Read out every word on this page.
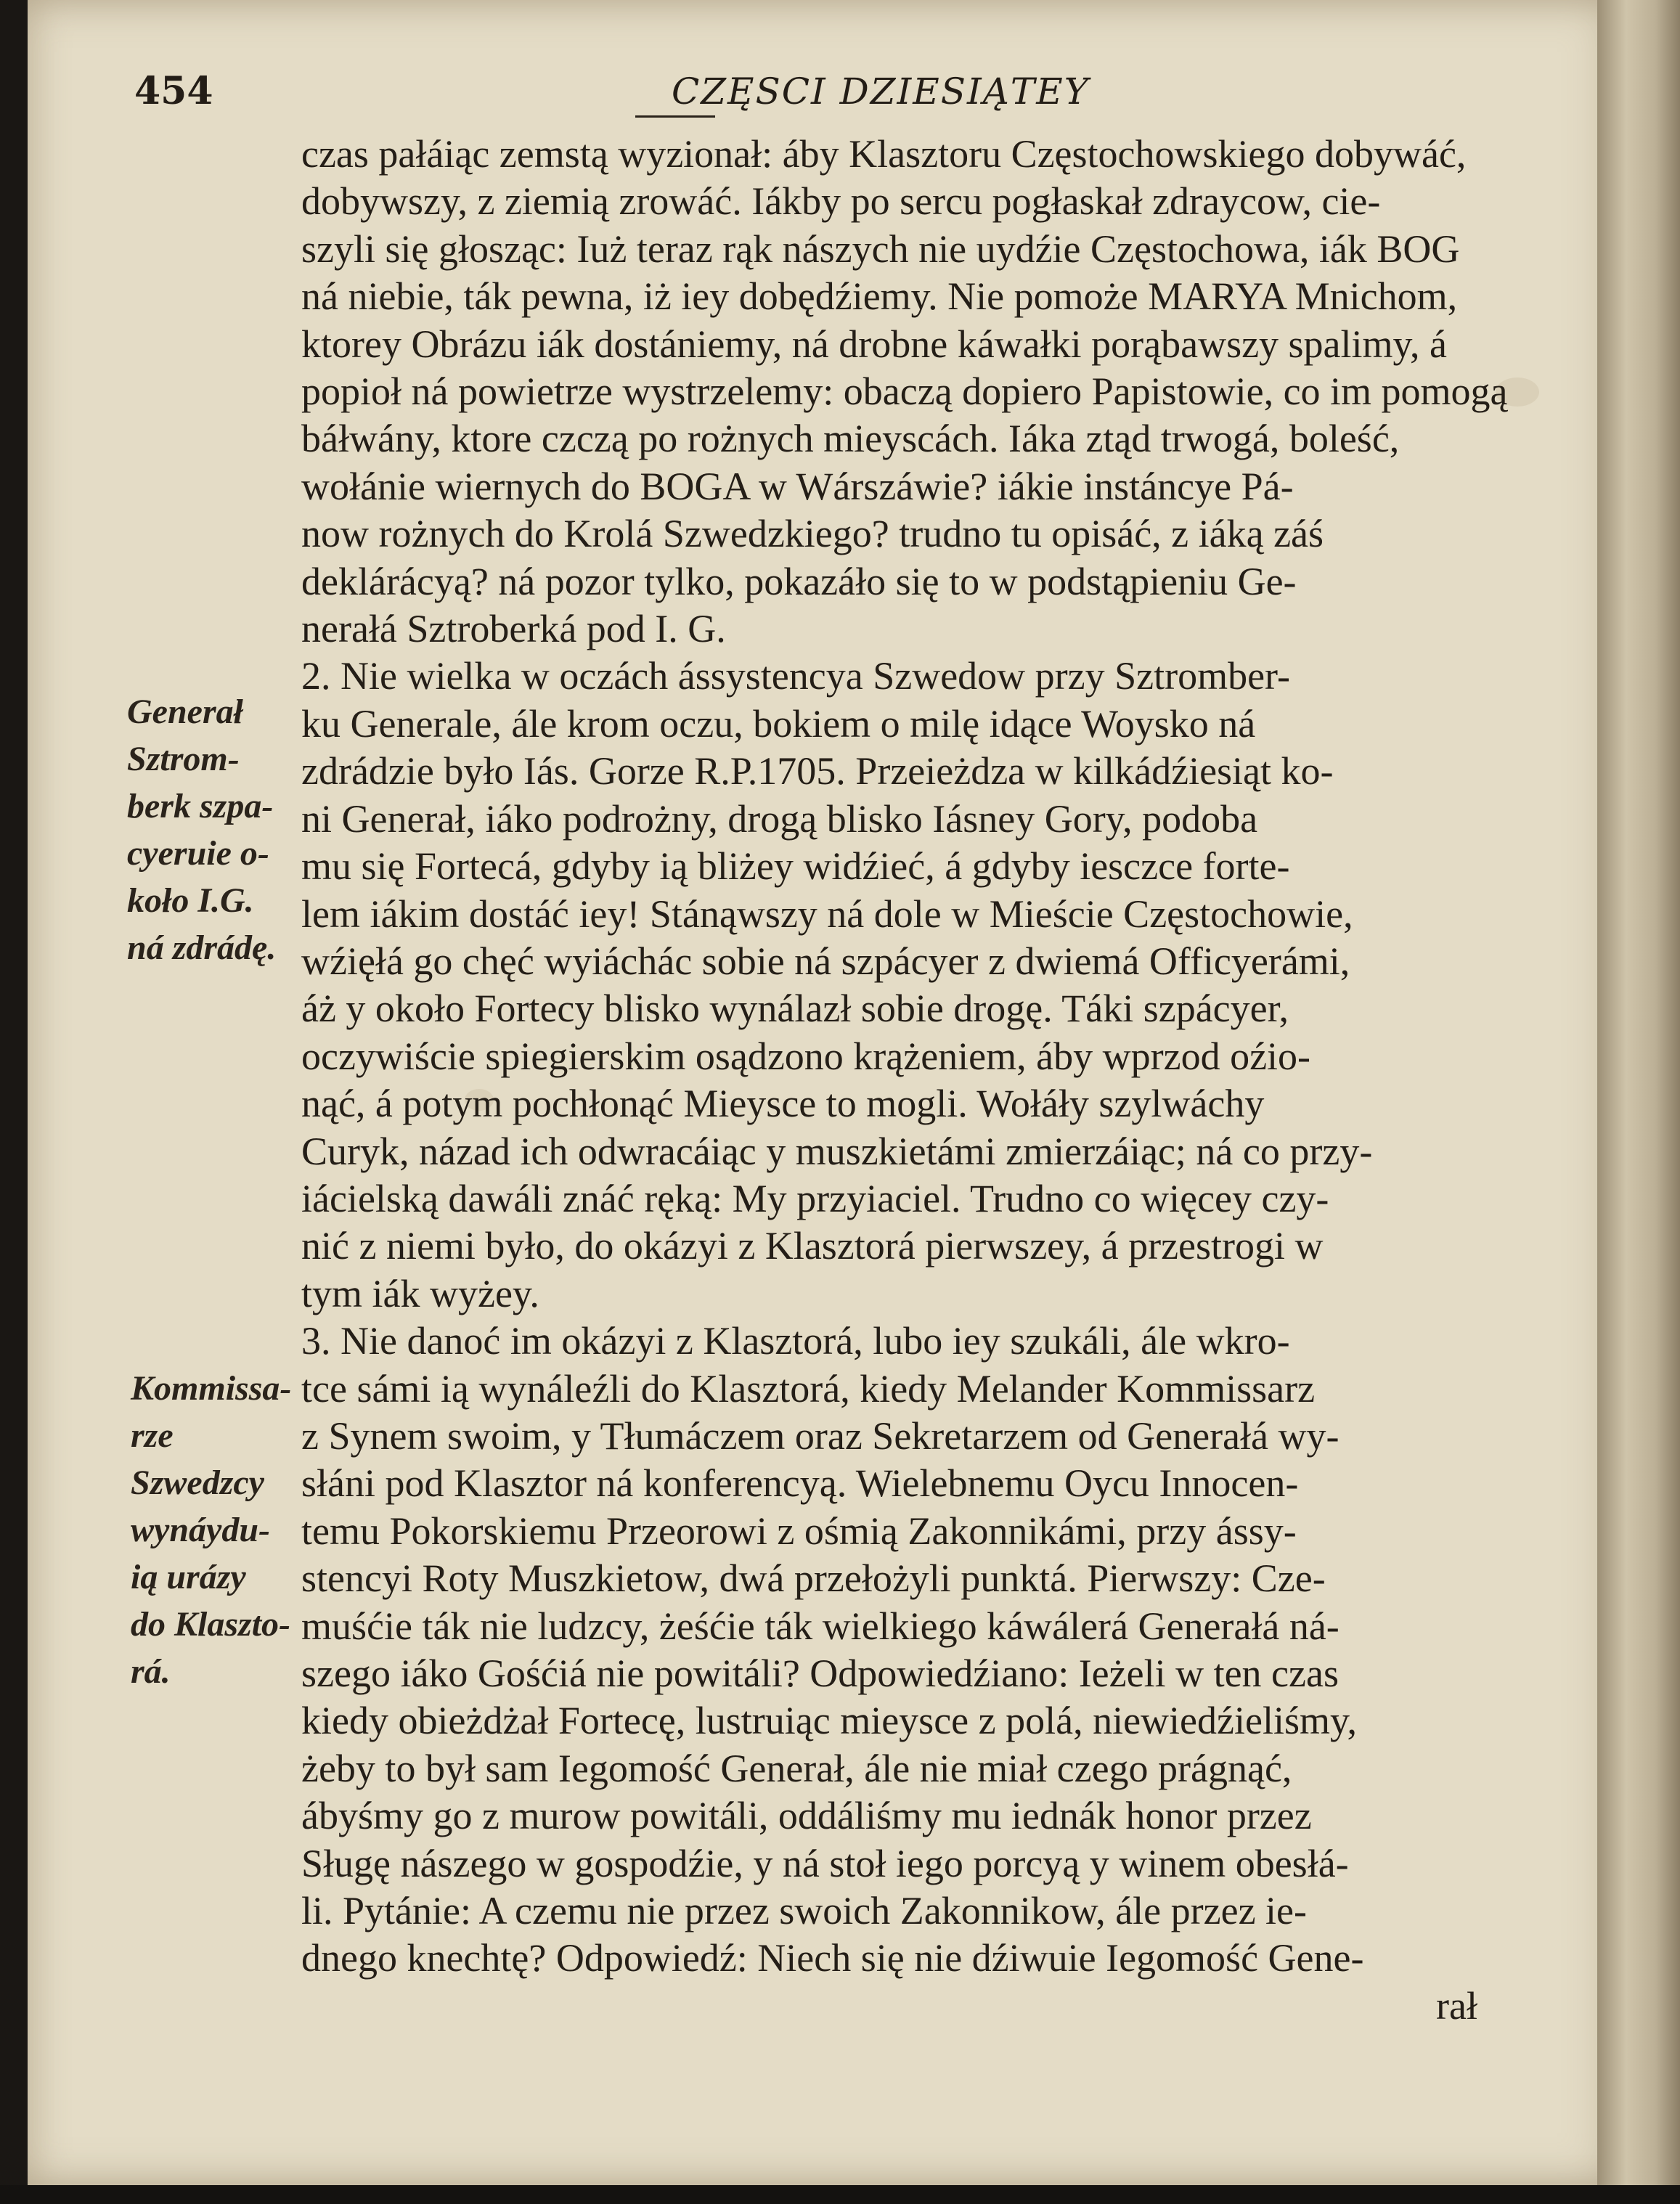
454	CZĘSCI DZIESIĄTEY
czas pałáiąc zemstą wyzionał: áby Klasztoru Częstochowskiego dobywáć,
dobywszy, z ziemią zrowáć. Iákby po sercu pogłaskał zdraycow, cie-
szyli się głosząc: Iuż teraz rąk nászych nie uydźie Częstochowa, iák BOG
ná niebie, ták pewna, iż iey dobędźiemy. Nie pomoże MARYA Mnichom,
ktorey Obrázu iák dostániemy, ná drobne káwałki porąbawszy spalimy, á
popioł ná powietrze wystrzelemy: obaczą dopiero Papistowie, co im pomogą
báłwány, ktore czczą po rożnych mieyscách. Iáka ztąd trwogá, boleść,
wołánie wiernych do BOGA w Wárszáwie? iákie instáncye Pá-
now rożnych do Krolá Szwedzkiego? trudno tu opisáć, z iáką záś
deklárácyą? ná pozor tylko, pokazáło się to w podstąpieniu Ge-
nerałá Sztroberká pod I. G.
2. Nie wielka w oczách ássystencya Szwedow przy Sztromber-
ku Generale, ále krom oczu, bokiem o milę idące Woysko ná
zdrádzie było Iás. Gorze R.P.1705. Przeieżdza w kilkádźiesiąt ko-
ni Generał, iáko podrożny, drogą blisko Iásney Gory, podoba
mu się Fortecá, gdyby ią bliżey widźieć, á gdyby iesczce forte-
lem iákim dostáć iey! Stánąwszy ná dole w Mieście Częstochowie,
wźięłá go chęć wyiáchác sobie ná szpácyer z dwiemá Officyerámi,
áż y około Fortecy blisko wynálazł sobie drogę. Táki szpácyer,
oczywiście spiegierskim osądzono krążeniem, áby wprzod oźio-
nąć, á potym pochłonąć Mieysce to mogli. Wołáły szylwáchy
Curyk, názad ich odwracáiąc y muszkietámi zmierzáiąc; ná co przy-
iácielską dawáli znáć ręką: My przyiaciel. Trudno co więcey czy-
nić z niemi było, do okázyi z Klasztorá pierwszey, á przestrogi w
tym iák wyżey.
3. Nie danoć im okázyi z Klasztorá, lubo iey szukáli, ále wkro-
tce sámi ią wynáleźli do Klasztorá, kiedy Melander Kommissarz
z Synem swoim, y Tłumáczem oraz Sekretarzem od Generałá wy-
słáni pod Klasztor ná konferencyą. Wielebnemu Oycu Innocen-
temu Pokorskiemu Przeorowi z ośmią Zakonnikámi, przy ássy-
stencyi Roty Muszkietow, dwá przełożyli punktá. Pierwszy: Cze-
muśćie ták nie ludzcy, żeśćie ták wielkiego káwálerá Generałá ná-
szego iáko Gośćiá nie powitáli? Odpowiedźiano: Ieżeli w ten czas
kiedy obieżdżał Fortecę, lustruiąc mieysce z polá, niewiedźieliśmy,
żeby to był sam Iegomość Generał, ále nie miał czego prágnąć,
ábyśmy go z murow powitáli, oddáliśmy mu iednák honor przez
Sługę nászego w gospodźie, y ná stoł iego porcyą y winem obesłá-
li. Pytánie: A czemu nie przez swoich Zakonnikow, ále przez ie-
dnego knechtę? Odpowiedź: Niech się nie dźiwuie Iegomość Gene-
rał
Generał
Sztrom-
berk szpa-
cyeruie o-
koło I.G.
ná zdrádę.
Kommissa-
rze
Szwedzcy
wynáydu-
ią urázy
do Klaszto-
rá.
